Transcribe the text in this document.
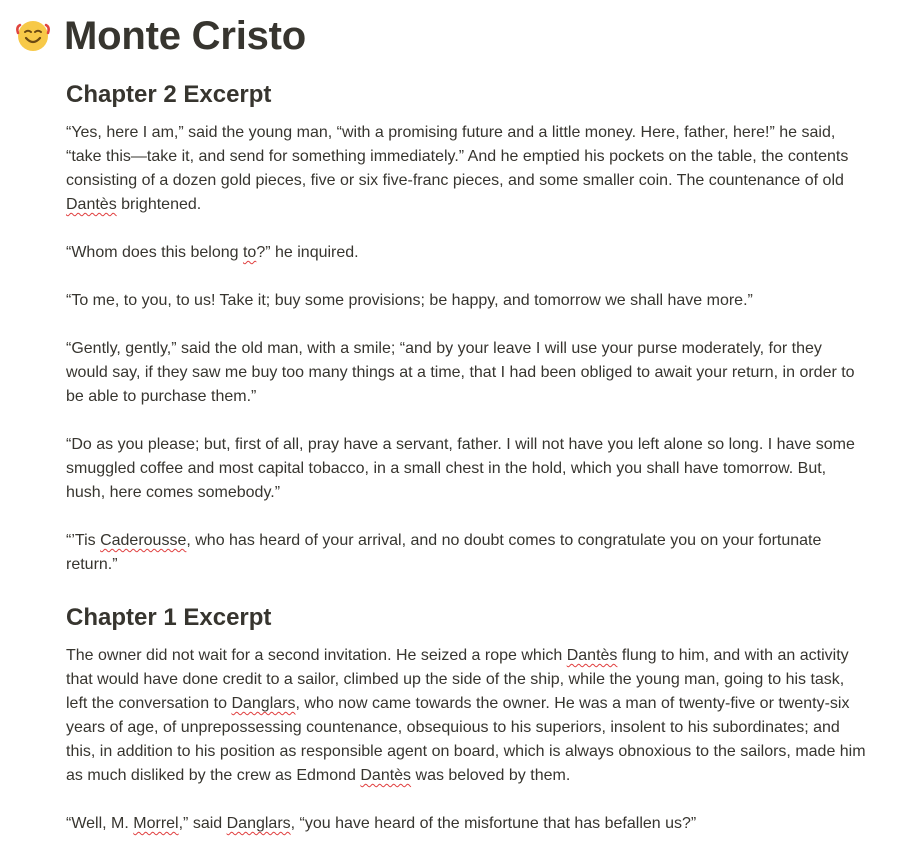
Monte Cristo
Chapter 2 Excerpt

“Yes, here I am,” said the young man, “with a promising future and a little money. Here, father, here!” he said, “take this—take it, and send for something immediately.” And he emptied his pockets on the table, the contents consisting of a dozen gold pieces, five or six five-franc pieces, and some smaller coin. The countenance of old Dantès brightened.

“Whom does this belong to?” he inquired.

“To me, to you, to us! Take it; buy some provisions; be happy, and tomorrow we shall have more.”

“Gently, gently,” said the old man, with a smile; “and by your leave I will use your purse moderately, for they would say, if they saw me buy too many things at a time, that I had been obliged to await your return, in order to be able to purchase them.”

“Do as you please; but, first of all, pray have a servant, father. I will not have you left alone so long. I have some smuggled coffee and most capital tobacco, in a small chest in the hold, which you shall have tomorrow. But, hush, here comes somebody.”

“’Tis Caderousse, who has heard of your arrival, and no doubt comes to congratulate you on your fortunate return.”

Chapter 1 Excerpt

The owner did not wait for a second invitation. He seized a rope which Dantès flung to him, and with an activity that would have done credit to a sailor, climbed up the side of the ship, while the young man, going to his task, left the conversation to Danglars, who now came towards the owner. He was a man of twenty-five or twenty-six years of age, of unprepossessing countenance, obsequious to his superiors, insolent to his subordinates; and this, in addition to his position as responsible agent on board, which is always obnoxious to the sailors, made him as much disliked by the crew as Edmond Dantès was beloved by them.

“Well, M. Morrel,” said Danglars, “you have heard of the misfortune that has befallen us?”
